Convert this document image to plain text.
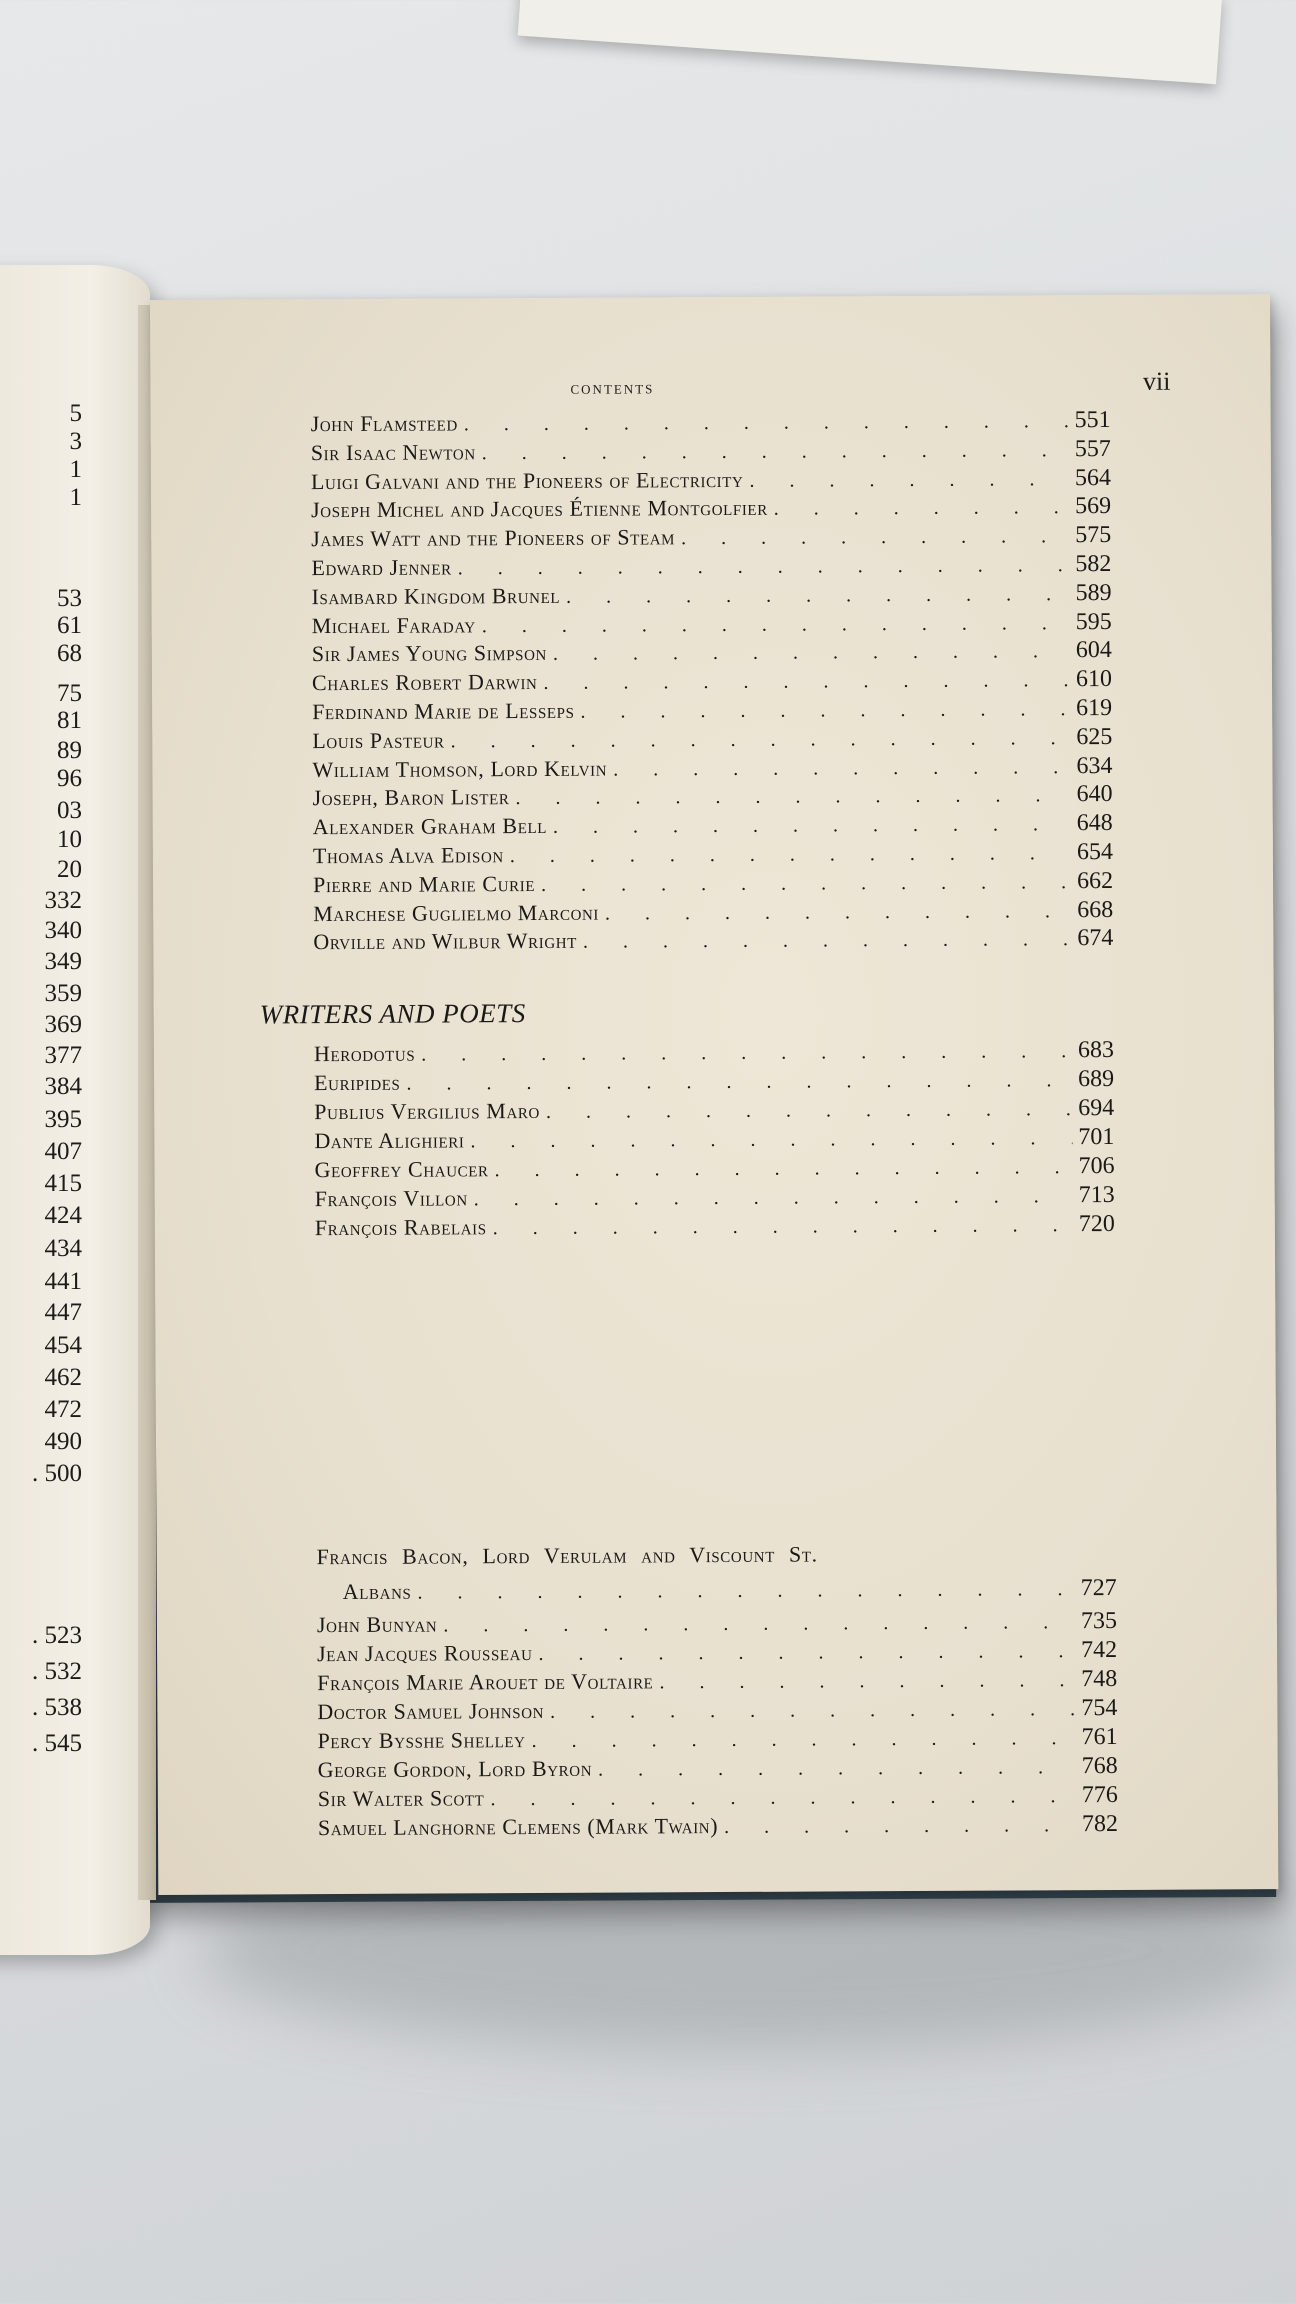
5
3
1
1
53
61
68
75
81
89
96
03
10
20
332
340
349
359
369
377
384
395
407
415
424
434
441
447
454
462
472
490
. 500
. 523
. 532
. 538
. 545
contents	vii
John Flamsteed . . .	551
Sir Isaac Newton . . .	557
Luigi Galvani and the Pioneers of Electricity . . .	564
Joseph Michel and Jacques Étienne Montgolfier . . .	569
James Watt and the Pioneers of Steam . . .	575
Edward Jenner . . .	582
Isambard Kingdom Brunel . . .	589
Michael Faraday . . .	595
Sir James Young Simpson . . .	604
Charles Robert Darwin . . .	610
Ferdinand Marie de Lesseps . . .	619
Louis Pasteur . . .	625
William Thomson, Lord Kelvin . . .	634
Joseph, Baron Lister . . .	640
Alexander Graham Bell . . .	648
Thomas Alva Edison . . .	654
Pierre and Marie Curie . . .	662
Marchese Guglielmo Marconi . . .	668
Orville and Wilbur Wright . . .	674
WRITERS AND POETS
Herodotus . . .	683
Euripides . . .	689
Publius Vergilius Maro . . .	694
Dante Alighieri . . .	701
Geoffrey Chaucer . . .	706
François Villon . . .	713
François Rabelais . . .	720
Francis Bacon, Lord Verulam and Viscount St.
Albans . . .	727
John Bunyan . . .	735
Jean Jacques Rousseau . . .	742
François Marie Arouet de Voltaire . . .	748
Doctor Samuel Johnson . . .	754
Percy Bysshe Shelley . . .	761
George Gordon, Lord Byron . . .	768
Sir Walter Scott . . .	776
Samuel Langhorne Clemens (Mark Twain) . . .	782
